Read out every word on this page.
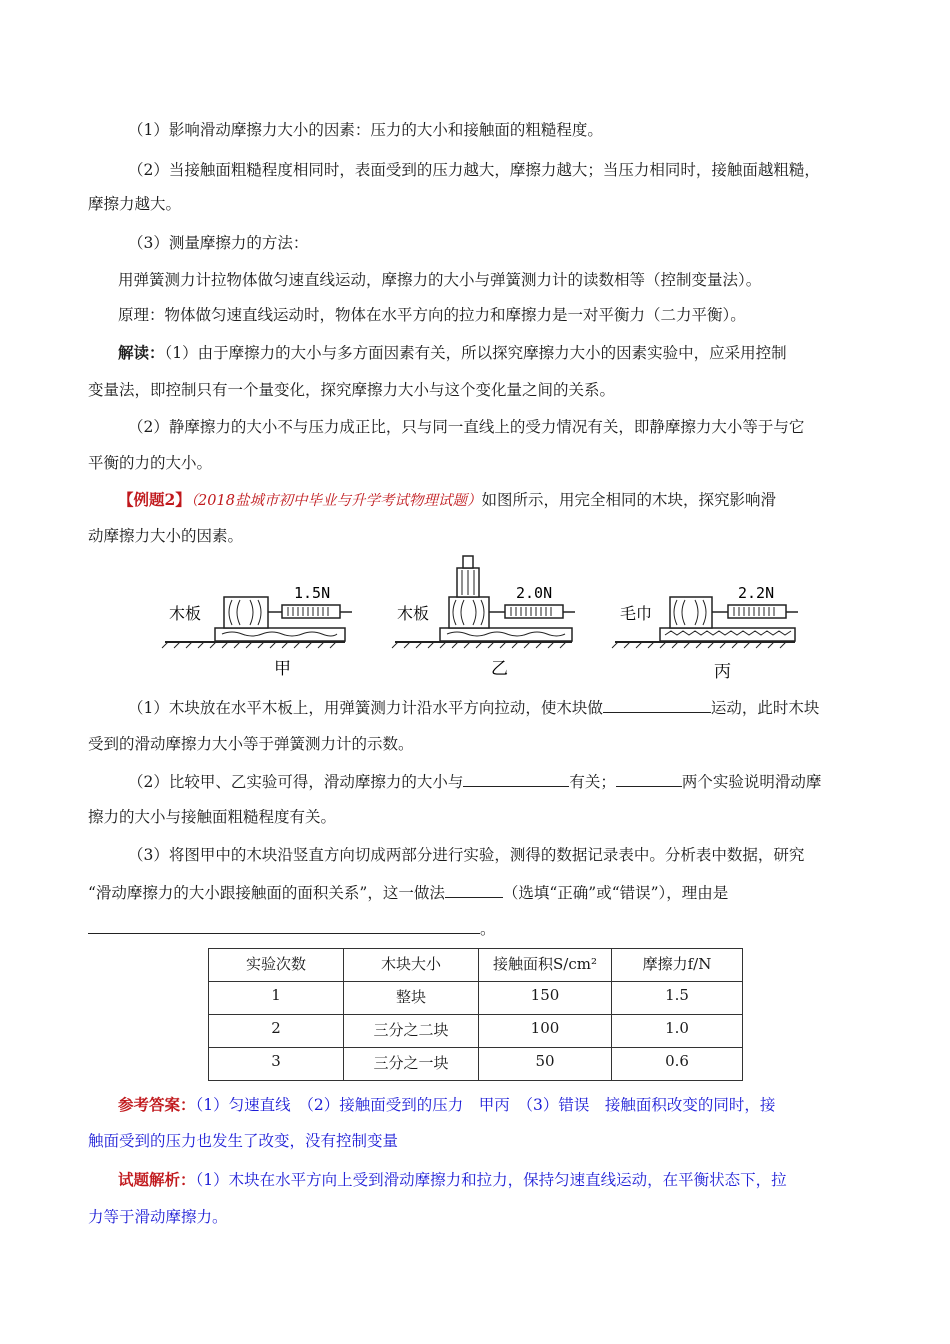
（1）影响滑动摩擦力大小的因素：压力的大小和接触面的粗糙程度。
（2）当接触面粗糙程度相同时，表面受到的压力越大，摩擦力越大；当压力相同时，接触面越粗糙，
摩擦力越大。
（3）测量摩擦力的方法：
用弹簧测力计拉物体做匀速直线运动，摩擦力的大小与弹簧测力计的读数相等（控制变量法）。
原理：物体做匀速直线运动时，物体在水平方向的拉力和摩擦力是一对平衡力（二力平衡）。
解读：（1）由于摩擦力的大小与多方面因素有关，所以探究摩擦力大小的因素实验中，应采用控制
变量法，即控制只有一个量变化，探究摩擦力大小与这个变化量之间的关系。
（2）静摩擦力的大小不与压力成正比，只与同一直线上的受力情况有关，即静摩擦力大小等于与它
平衡的力的大小。
【例题2】（2018盐城市初中毕业与升学考试物理试题）如图所示，用完全相同的木块，探究影响滑
动摩擦力大小的因素。
木板
1.5N
甲
木板
2.0N
乙
毛巾
2.2N
丙
（1）木块放在水平木板上，用弹簧测力计沿水平方向拉动，使木块做	运动，此时木块
受到的滑动摩擦力大小等于弹簧测力计的示数。
（2）比较甲、乙实验可得，滑动摩擦力的大小与	有关；	两个实验说明滑动摩
擦力的大小与接触面粗糙程度有关。
（3）将图甲中的木块沿竖直方向切成两部分进行实验，测得的数据记录表中。分析表中数据，研究
“滑动摩擦力的大小跟接触面的面积关系”，这一做法	（选填“正确”或“错误”），理由是
。
实验次数	木块大小	接触面积S/cm²	摩擦力f/N

1	整块	150	1.5

2	三分之二块	100	1.0

3	三分之一块	50	0.6
参考答案：（1）匀速直线　（2）接触面受到的压力　甲丙　（3）错误　接触面积改变的同时，接
触面受到的压力也发生了改变，没有控制变量
试题解析：（1）木块在水平方向上受到滑动摩擦力和拉力，保持匀速直线运动，在平衡状态下，拉
力等于滑动摩擦力。
